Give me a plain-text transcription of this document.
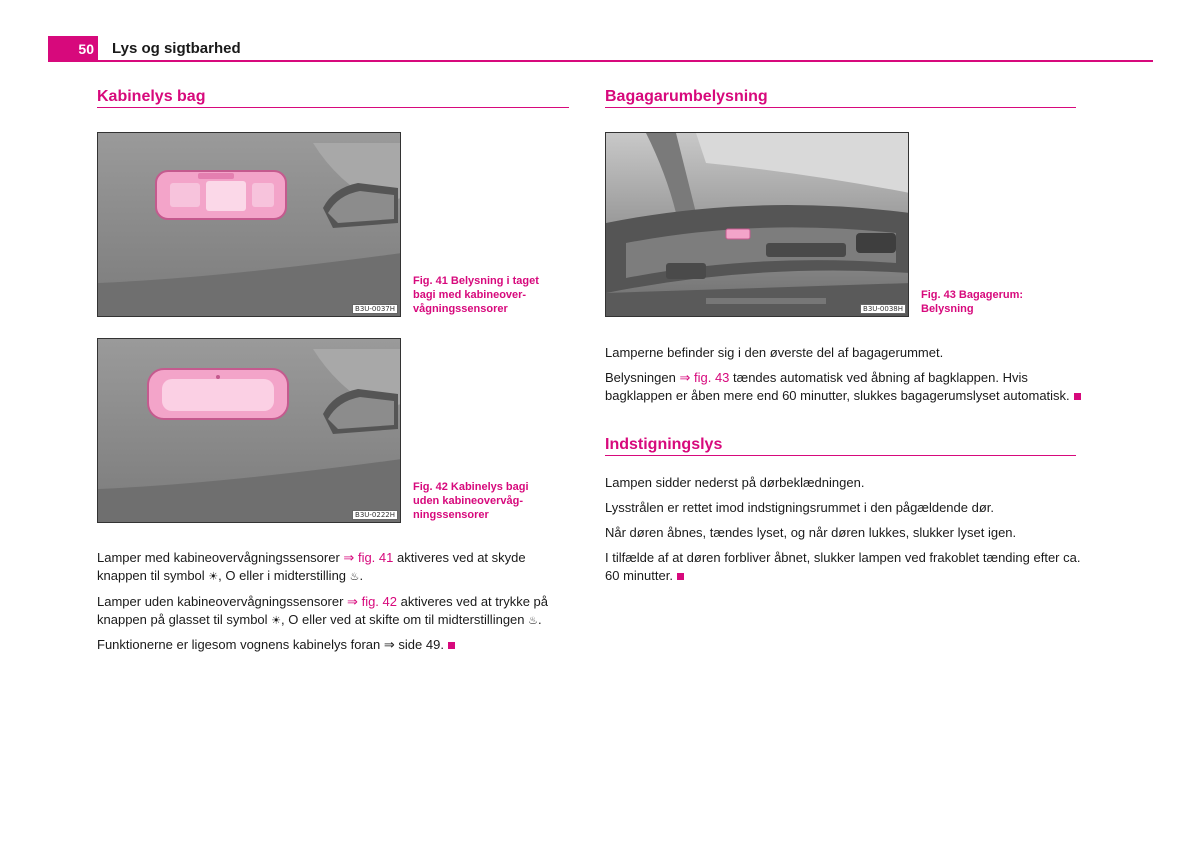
50 Lys og sigtbarhed
Kabinelys bag
B3U-0037H
Fig. 41 Belysning i taget
bagi med kabineover-
vågningssensorer
B3U-0222H
Fig. 42 Kabinelys bagi
uden kabineovervåg-
ningssensorer
Lamper med kabineovervågningssensorer ⇒ fig. 41 aktiveres ved at skyde
knappen til symbol ☀, O eller i midterstilling ♨.
Lamper uden kabineovervågningssensorer ⇒ fig. 42 aktiveres ved at trykke på
knappen på glasset til symbol ☀, O eller ved at skifte om til midterstillingen ♨.
Funktionerne er ligesom vognens kabinelys foran ⇒ side 49.
Bagagarumbelysning
B3U-0038H
Fig. 43 Bagagerum:
Belysning
Lamperne befinder sig i den øverste del af bagagerummet.
Belysningen ⇒ fig. 43 tændes automatisk ved åbning af bagklappen. Hvis
bagklappen er åben mere end 60 minutter, slukkes bagagerumslyset automatisk.
Indstigningslys
Lampen sidder nederst på dørbeklædningen.
Lysstrålen er rettet imod indstigningsrummet i den pågældende dør.
Når døren åbnes, tændes lyset, og når døren lukkes, slukker lyset igen.
I tilfælde af at døren forbliver åbnet, slukker lampen ved frakoblet tænding efter ca.
60 minutter.
